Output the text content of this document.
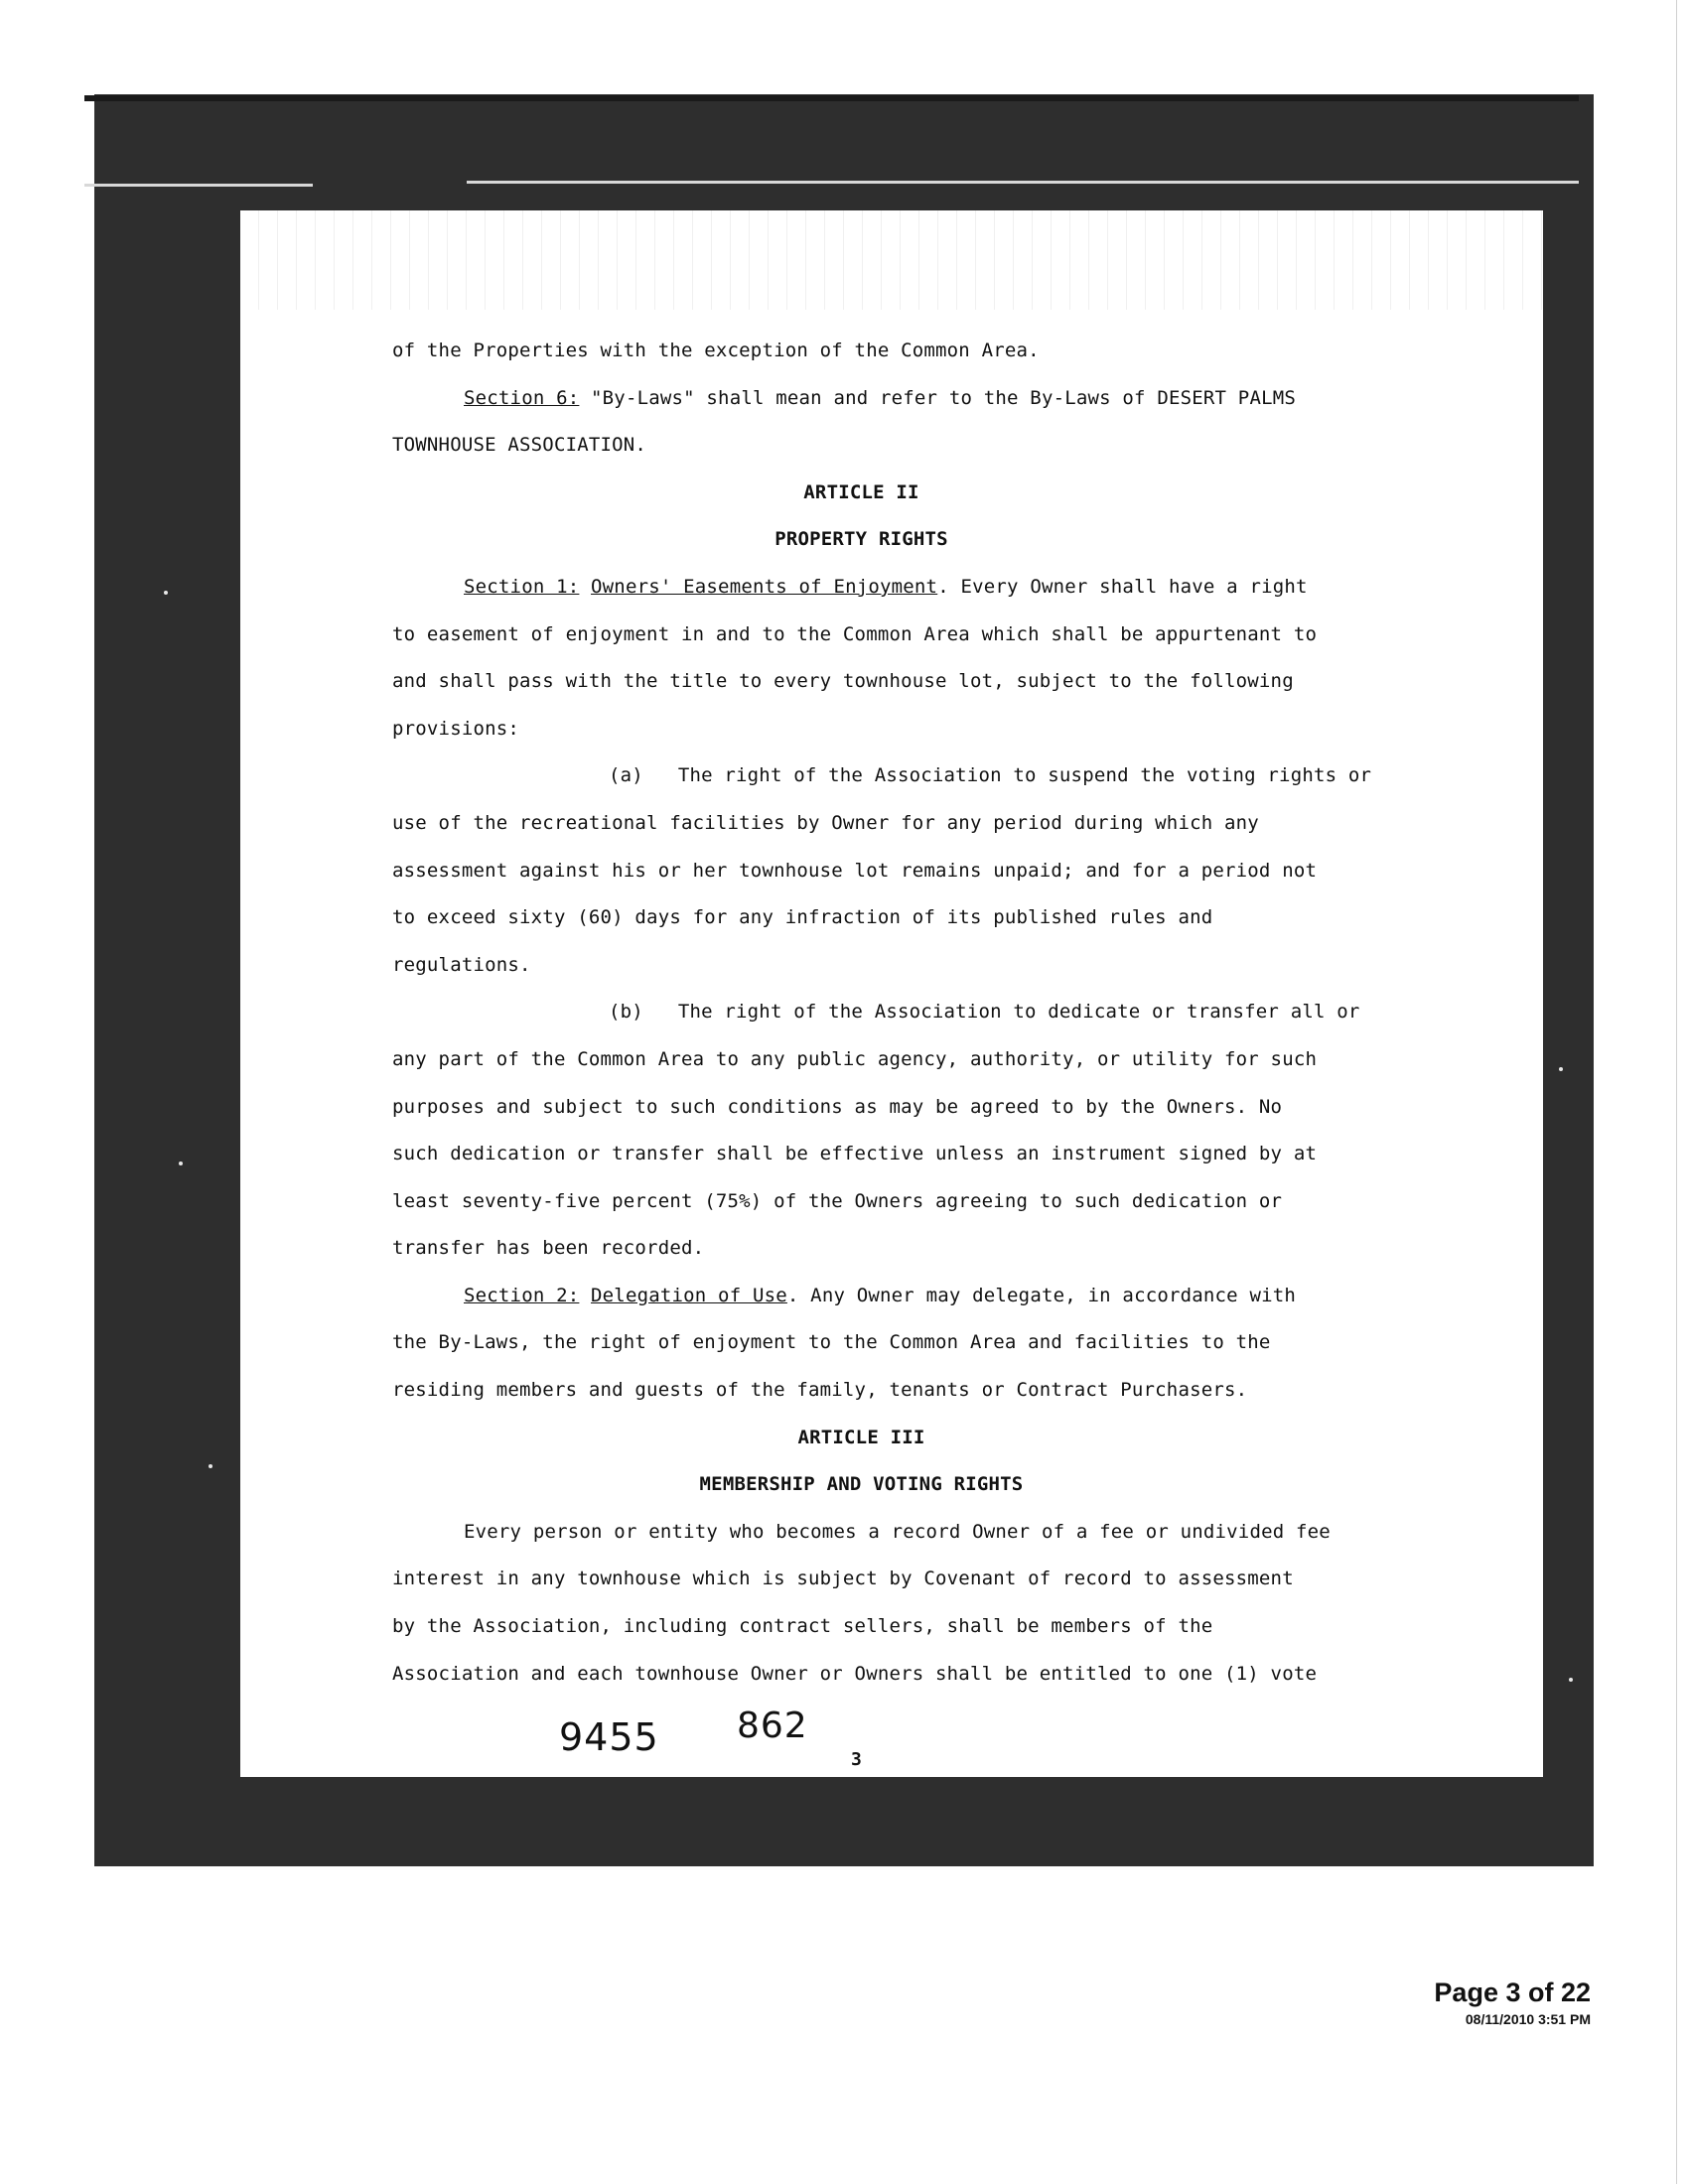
of the Properties with the exception of the Common Area.

Section 6: "By-Laws" shall mean and refer to the By-Laws of DESERT PALMS

TOWNHOUSE ASSOCIATION.

ARTICLE II

PROPERTY RIGHTS

Section 1: Owners' Easements of Enjoyment. Every Owner shall have a right

to easement of enjoyment in and to the Common Area which shall be appurtenant to

and shall pass with the title to every townhouse lot, subject to the following

provisions:

(a)   The right of the Association to suspend the voting rights or

use of the recreational facilities by Owner for any period during which any

assessment against his or her townhouse lot remains unpaid; and for a period not

to exceed sixty (60) days for any infraction of its published rules and

regulations.

(b)   The right of the Association to dedicate or transfer all or

any part of the Common Area to any public agency, authority, or utility for such

purposes and subject to such conditions as may be agreed to by the Owners. No

such dedication or transfer shall be effective unless an instrument signed by at

least seventy-five percent (75%) of the Owners agreeing to such dedication or

transfer has been recorded.

Section 2: Delegation of Use. Any Owner may delegate, in accordance with

the By-Laws, the right of enjoyment to the Common Area and facilities to the

residing members and guests of the family, tenants or Contract Purchasers.

ARTICLE III

MEMBERSHIP AND VOTING RIGHTS

Every person or entity who becomes a record Owner of a fee or undivided fee

interest in any townhouse which is subject by Covenant of record to assessment

by the Association, including contract sellers, shall be members of the

Association and each townhouse Owner or Owners shall be entitled to one (1) vote

9455 862
3
Page 3 of 22
08/11/2010 3:51 PM
